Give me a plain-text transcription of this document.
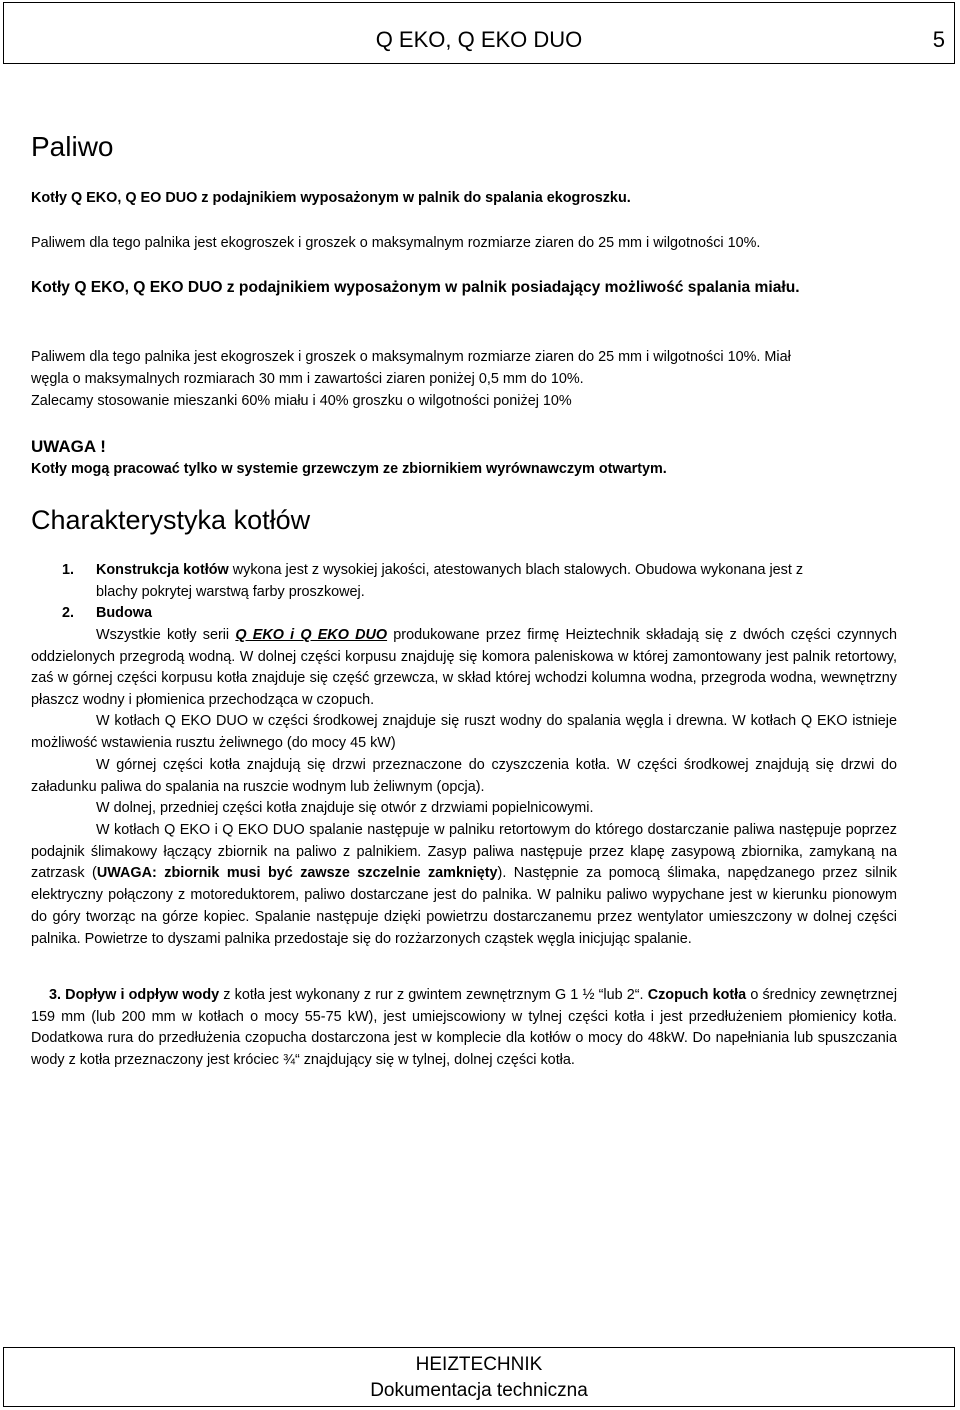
Q EKO, Q EKO DUO	5
Paliwo
Kotły Q EKO, Q EO DUO z podajnikiem wyposażonym w palnik do spalania ekogroszku.
Paliwem dla tego palnika jest ekogroszek i groszek o maksymalnym rozmiarze ziaren do 25 mm i wilgotności 10%.
Kotły Q EKO, Q EKO DUO z podajnikiem wyposażonym w palnik posiadający możliwość spalania miału.
Paliwem dla tego palnika jest ekogroszek i groszek o maksymalnym rozmiarze ziaren do 25 mm i wilgotności 10%. Miał
węgla o maksymalnych rozmiarach 30 mm i zawartości ziaren poniżej 0,5 mm do 10%.
Zalecamy stosowanie mieszanki 60% miału i 40% groszku o wilgotności poniżej 10%
UWAGA !
Kotły mogą pracować tylko w systemie grzewczym ze zbiornikiem wyrównawczym otwartym.
Charakterystyka kotłów
1. Konstrukcja kotłów wykona jest z wysokiej jakości, atestowanych blach stalowych. Obudowa wykonana jest z
blachy pokrytej warstwą farby proszkowej.
2. Budowa
Wszystkie kotły serii Q EKO i Q EKO DUO produkowane przez firmę Heiztechnik składają się z dwóch części czynnych oddzielonych przegrodą wodną. W dolnej części korpusu znajduję się komora paleniskowa w której zamontowany jest palnik retortowy, zaś w górnej części korpusu kotła znajduje się część grzewcza, w skład której wchodzi kolumna wodna, przegroda wodna, wewnętrzny płaszcz wodny i płomienica przechodząca w czopuch.
W kotłach Q EKO DUO w części środkowej znajduje się ruszt wodny do spalania węgla i drewna. W kotłach Q EKO istnieje możliwość wstawienia rusztu żeliwnego (do mocy 45 kW)
W górnej części kotła znajdują się drzwi przeznaczone do czyszczenia kotła. W części środkowej znajdują się drzwi do załadunku paliwa do spalania na ruszcie wodnym lub żeliwnym (opcja).
W dolnej, przedniej części kotła znajduje się otwór z drzwiami popielnicowymi.
W kotłach Q EKO i Q EKO DUO spalanie następuje w palniku retortowym do którego dostarczanie paliwa następuje poprzez podajnik ślimakowy łączący zbiornik na paliwo z palnikiem. Zasyp paliwa następuje przez klapę zasypową zbiornika, zamykaną na zatrzask (UWAGA: zbiornik musi być zawsze szczelnie zamknięty). Następnie za pomocą ślimaka, napędzanego przez silnik elektryczny połączony z motoreduktorem, paliwo dostarczane jest do palnika. W palniku paliwo wypychane jest w kierunku pionowym do góry tworząc na górze kopiec. Spalanie następuje dzięki powietrzu dostarczanemu przez wentylator umieszczony w dolnej części palnika. Powietrze to dyszami palnika przedostaje się do rozżarzonych cząstek węgla inicjując spalanie.
3. Dopływ i odpływ wody z kotła jest wykonany z rur z gwintem zewnętrznym G 1 ½ “lub 2“. Czopuch kotła o średnicy zewnętrznej 159 mm (lub 200 mm w kotłach o mocy 55-75 kW), jest umiejscowiony w tylnej części kotła i jest przedłużeniem płomienicy kotła. Dodatkowa rura do przedłużenia czopucha dostarczona jest w komplecie dla kotłów o mocy do 48kW. Do napełniania lub spuszczania wody z kotła przeznaczony jest króciec ¾“ znajdujący się w tylnej, dolnej części kotła.
HEIZTECHNIK
Dokumentacja techniczna
